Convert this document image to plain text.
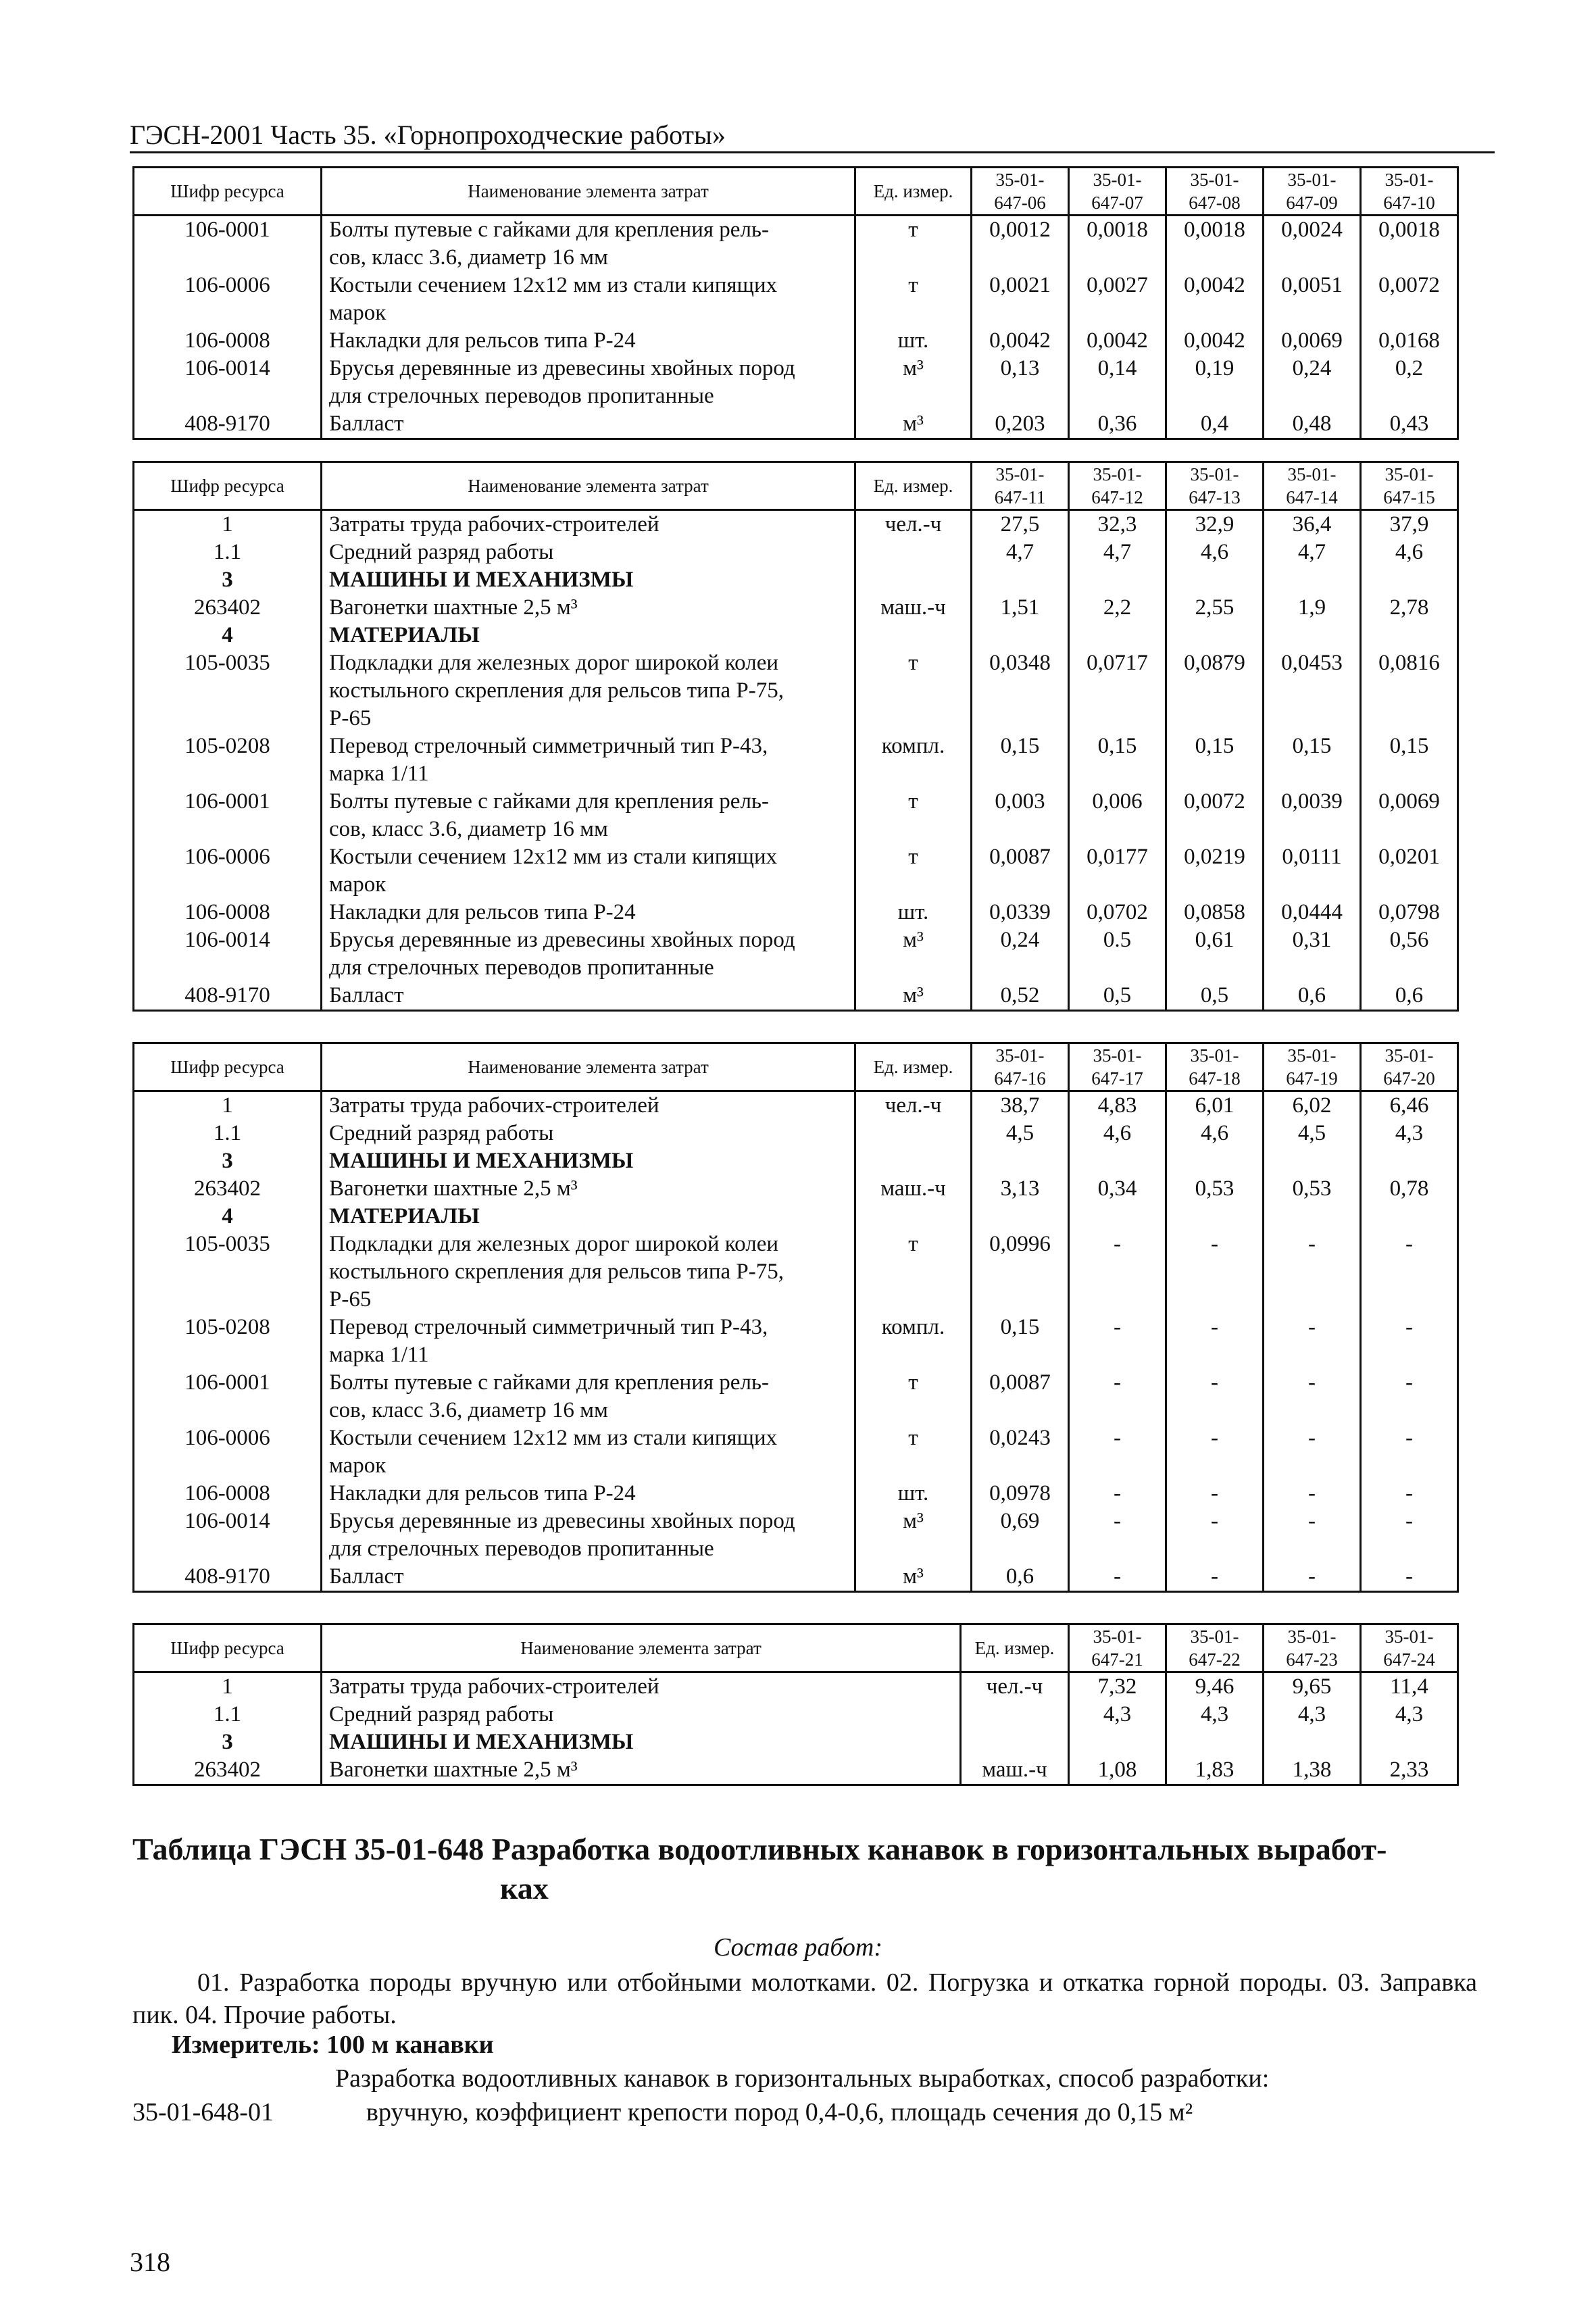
ГЭСН-2001 Часть 35. «Горнопроходческие работы»
Шифр ресурса	Наименование элемента затрат	Ед. измер.	35-01-
647-06	35-01-
647-07	35-01-
647-08	35-01-
647-09	35-01-
647-10
106-0001	Болты путевые с гайками для крепления рель-
сов, класс 3.6, диаметр 16 мм	т	0,0012	0,0018	0,0018	0,0024	0,0018
106-0006	Костыли сечением 12х12 мм из стали кипящих
марок	т	0,0021	0,0027	0,0042	0,0051	0,0072
106-0008	Накладки для рельсов типа Р-24	шт.	0,0042	0,0042	0,0042	0,0069	0,0168
106-0014	Брусья деревянные из древесины хвойных пород
для стрелочных переводов пропитанные	м³	0,13	0,14	0,19	0,24	0,2
408-9170	Балласт	м³	0,203	0,36	0,4	0,48	0,43
Шифр ресурса	Наименование элемента затрат	Ед. измер.	35-01-
647-11	35-01-
647-12	35-01-
647-13	35-01-
647-14	35-01-
647-15
1	Затраты труда рабочих-строителей	чел.-ч	27,5	32,3	32,9	36,4	37,9
1.1	Средний разряд работы		4,7	4,7	4,6	4,7	4,6
3	МАШИНЫ И МЕХАНИЗМЫ						
263402	Вагонетки шахтные 2,5 м³	маш.-ч	1,51	2,2	2,55	1,9	2,78
4	МАТЕРИАЛЫ						
105-0035	Подкладки для железных дорог широкой колеи
костыльного скрепления для рельсов типа Р-75,
Р-65	т	0,0348	0,0717	0,0879	0,0453	0,0816
105-0208	Перевод стрелочный симметричный тип Р-43,
марка 1/11	компл.	0,15	0,15	0,15	0,15	0,15
106-0001	Болты путевые с гайками для крепления рель-
сов, класс 3.6, диаметр 16 мм	т	0,003	0,006	0,0072	0,0039	0,0069
106-0006	Костыли сечением 12х12 мм из стали кипящих
марок	т	0,0087	0,0177	0,0219	0,0111	0,0201
106-0008	Накладки для рельсов типа Р-24	шт.	0,0339	0,0702	0,0858	0,0444	0,0798
106-0014	Брусья деревянные из древесины хвойных пород
для стрелочных переводов пропитанные	м³	0,24	0.5	0,61	0,31	0,56
408-9170	Балласт	м³	0,52	0,5	0,5	0,6	0,6
Шифр ресурса	Наименование элемента затрат	Ед. измер.	35-01-
647-16	35-01-
647-17	35-01-
647-18	35-01-
647-19	35-01-
647-20
1	Затраты труда рабочих-строителей	чел.-ч	38,7	4,83	6,01	6,02	6,46
1.1	Средний разряд работы		4,5	4,6	4,6	4,5	4,3
3	МАШИНЫ И МЕХАНИЗМЫ						
263402	Вагонетки шахтные 2,5 м³	маш.-ч	3,13	0,34	0,53	0,53	0,78
4	МАТЕРИАЛЫ						
105-0035	Подкладки для железных дорог широкой колеи
костыльного скрепления для рельсов типа Р-75,
Р-65	т	0,0996	-	-	-	-
105-0208	Перевод стрелочный симметричный тип Р-43,
марка 1/11	компл.	0,15	-	-	-	-
106-0001	Болты путевые с гайками для крепления рель-
сов, класс 3.6, диаметр 16 мм	т	0,0087	-	-	-	-
106-0006	Костыли сечением 12х12 мм из стали кипящих
марок	т	0,0243	-	-	-	-
106-0008	Накладки для рельсов типа Р-24	шт.	0,0978	-	-	-	-
106-0014	Брусья деревянные из древесины хвойных пород
для стрелочных переводов пропитанные	м³	0,69	-	-	-	-
408-9170	Балласт	м³	0,6	-	-	-	-
Шифр ресурса	Наименование элемента затрат	Ед. измер.	35-01-
647-21	35-01-
647-22	35-01-
647-23	35-01-
647-24
1	Затраты труда рабочих-строителей	чел.-ч	7,32	9,46	9,65	11,4
1.1	Средний разряд работы		4,3	4,3	4,3	4,3
3	МАШИНЫ И МЕХАНИЗМЫ					
263402	Вагонетки шахтные 2,5 м³	маш.-ч	1,08	1,83	1,38	2,33
Таблица ГЭСН 35-01-648 Разработка водоотливных канавок в горизонтальных выработ-
ках
Состав работ:
01. Разработка породы вручную или отбойными молотками. 02. Погрузка и откатка горной породы. 03. Заправка пик. 04. Прочие работы.
Измеритель: 100 м канавки
Разработка водоотливных канавок в горизонтальных выработках, способ разработки:
35-01-648-01	вручную, коэффициент крепости пород 0,4-0,6, площадь сечения до 0,15 м²
318
